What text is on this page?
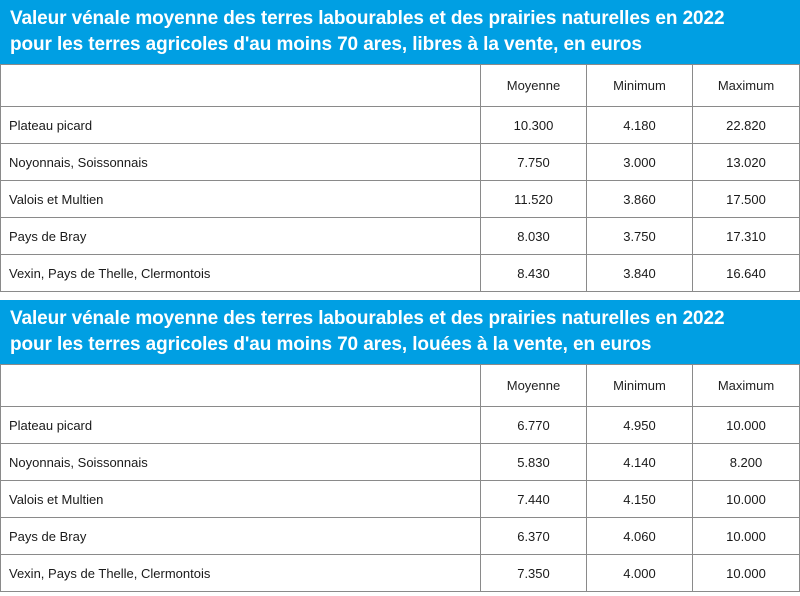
Valeur vénale moyenne des terres labourables et des prairies naturelles en 2022
pour les terres agricoles d'au moins 70 ares, libres à la vente, en euros
	Moyenne	Minimum	Maximum
Plateau picard	10.300	4.180	22.820
Noyonnais, Soissonnais	7.750	3.000	13.020
Valois et Multien	11.520	3.860	17.500
Pays de Bray	8.030	3.750	17.310
Vexin, Pays de Thelle, Clermontois	8.430	3.840	16.640
Valeur vénale moyenne des terres labourables et des prairies naturelles en 2022
pour les terres agricoles d'au moins 70 ares, louées à la vente, en euros
	Moyenne	Minimum	Maximum
Plateau picard	6.770	4.950	10.000
Noyonnais, Soissonnais	5.830	4.140	8.200
Valois et Multien	7.440	4.150	10.000
Pays de Bray	6.370	4.060	10.000
Vexin, Pays de Thelle, Clermontois	7.350	4.000	10.000
